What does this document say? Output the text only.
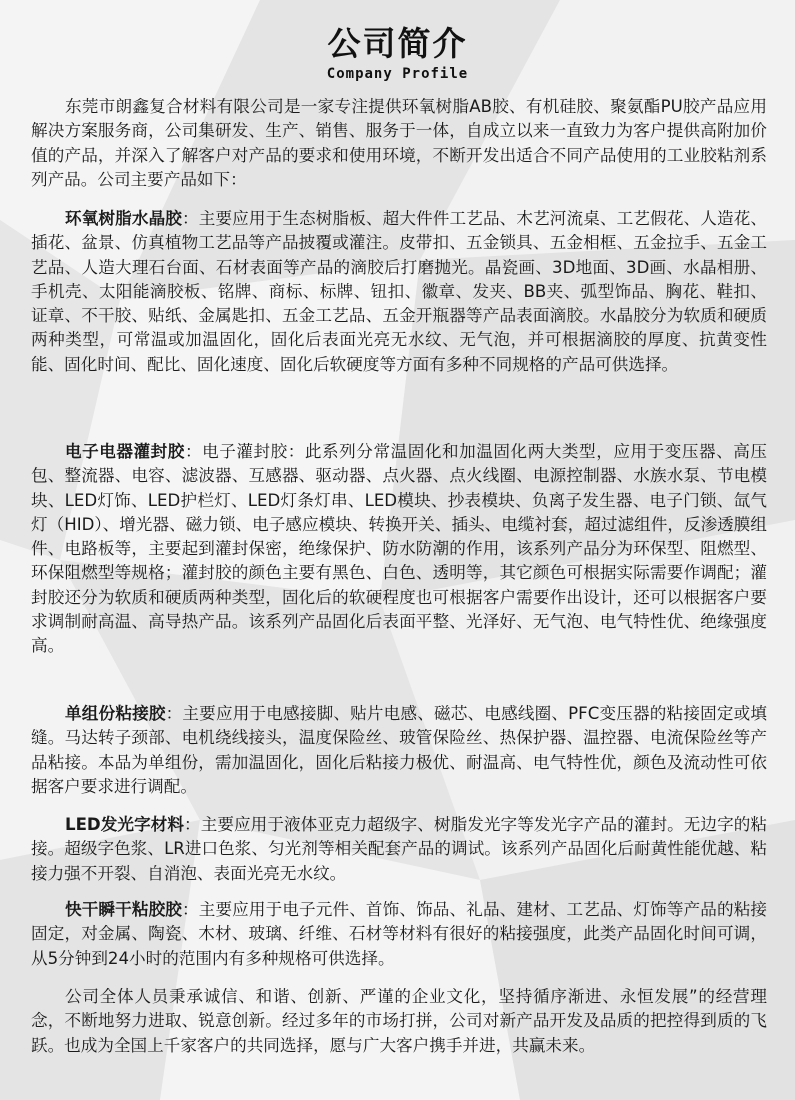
公司简介
Company Profile

东莞市朗鑫复合材料有限公司是一家专注提供环氧树脂AB胶、有机硅胶、聚氨酯PU胶产品应用解决方案服务商，公司集研发、生产、销售、服务于一体，自成立以来一直致力为客户提供高附加价值的产品，并深入了解客户对产品的要求和使用环境，不断开发出适合不同产品使用的工业胶粘剂系列产品。公司主要产品如下：

环氧树脂水晶胶：主要应用于生态树脂板、超大件件工艺品、木艺河流桌、工艺假花、人造花、插花、盆景、仿真植物工艺品等产品披覆或灌注。皮带扣、五金锁具、五金相框、五金拉手、五金工艺品、人造大理石台面、石材表面等产品的滴胶后打磨抛光。晶瓷画、3D地面、3D画、水晶相册、手机壳、太阳能滴胶板、铭牌、商标、标牌、钮扣、徽章、发夹、BB夹、弧型饰品、胸花、鞋扣、证章、不干胶、贴纸、金属匙扣、五金工艺品、五金开瓶器等产品表面滴胶。水晶胶分为软质和硬质两种类型，可常温或加温固化，固化后表面光亮无水纹、无气泡，并可根据滴胶的厚度、抗黄变性能、固化时间、配比、固化速度、固化后软硬度等方面有多种不同规格的产品可供选择。

电子电器灌封胶：电子灌封胶：此系列分常温固化和加温固化两大类型，应用于变压器、高压包、整流器、电容、滤波器、互感器、驱动器、点火器、点火线圈、电源控制器、水族水泵、节电模块、LED灯饰、LED护栏灯、LED灯条灯串、LED模块、抄表模块、负离子发生器、电子门锁、氙气灯（HID）、增光器、磁力锁、电子感应模块、转换开关、插头、电缆衬套，超过滤组件，反渗透膜组件、电路板等，主要起到灌封保密，绝缘保护、防水防潮的作用，该系列产品分为环保型、阻燃型、环保阻燃型等规格；灌封胶的颜色主要有黑色、白色、透明等，其它颜色可根据实际需要作调配；灌封胶还分为软质和硬质两种类型，固化后的软硬程度也可根据客户需要作出设计，还可以根据客户要求调制耐高温、高导热产品。该系列产品固化后表面平整、光泽好、无气泡、电气特性优、绝缘强度高。

单组份粘接胶：主要应用于电感接脚、贴片电感、磁芯、电感线圈、PFC变压器的粘接固定或填缝。马达转子颈部、电机绕线接头，温度保险丝、玻管保险丝、热保护器、温控器、电流保险丝等产品粘接。本品为单组份，需加温固化，固化后粘接力极优、耐温高、电气特性优，颜色及流动性可依据客户要求进行调配。

LED发光字材料：主要应用于液体亚克力超级字、树脂发光字等发光字产品的灌封。无边字的粘接。超级字色浆、LR进口色浆、匀光剂等相关配套产品的调试。该系列产品固化后耐黄性能优越、粘接力强不开裂、自消泡、表面光亮无水纹。

快干瞬干粘胶胶：主要应用于电子元件、首饰、饰品、礼品、建材、工艺品、灯饰等产品的粘接固定，对金属、陶瓷、木材、玻璃、纤维、石材等材料有很好的粘接强度，此类产品固化时间可调，从5分钟到24小时的范围内有多种规格可供选择。

公司全体人员秉承诚信、和谐、创新、严谨的企业文化，坚持循序渐进、永恒发展”的经营理念，不断地努力进取、锐意创新。经过多年的市场打拼，公司对新产品开发及品质的把控得到质的飞跃。也成为全国上千家客户的共同选择，愿与广大客户携手并进，共赢未来。
